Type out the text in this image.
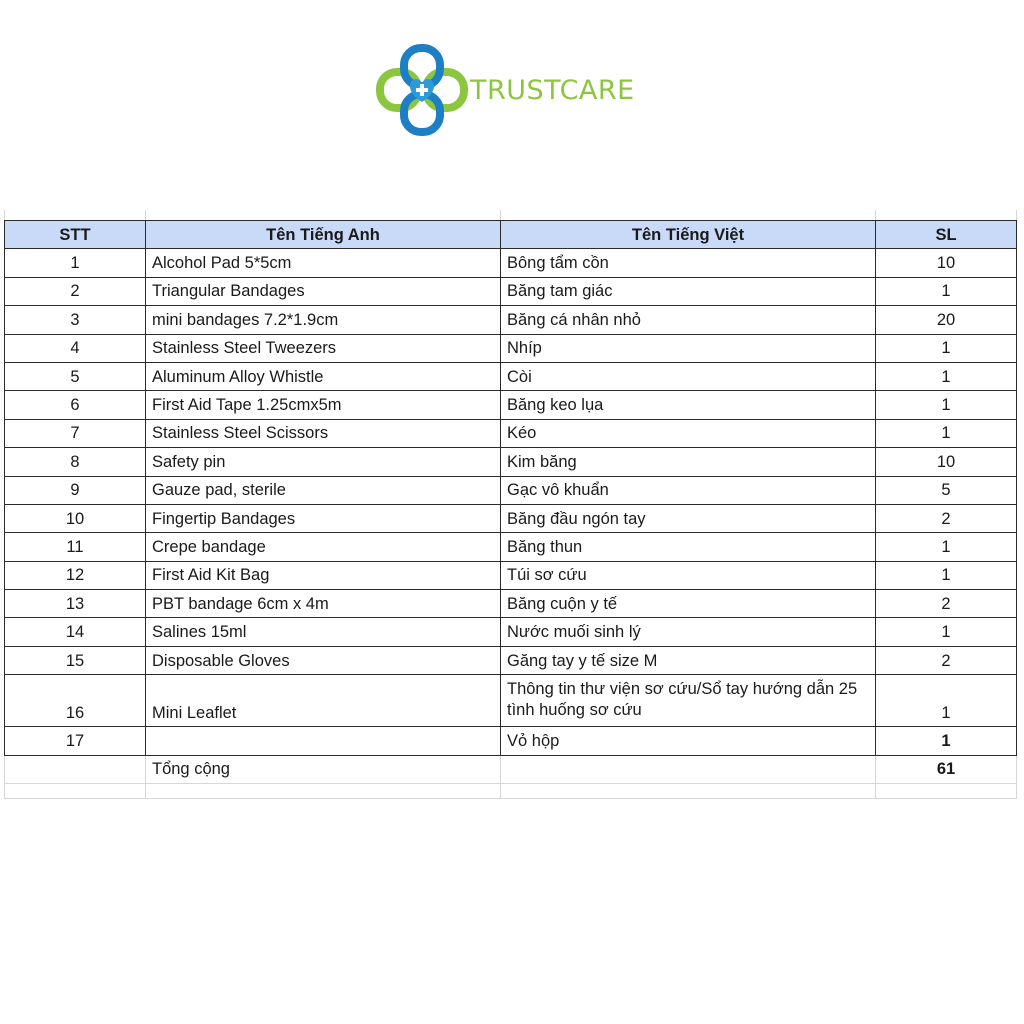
TRUSTCARE
STT	Tên Tiếng Anh	Tên Tiếng Việt	SL
1	Alcohol Pad 5*5cm	Bông tẩm cồn	10
2	Triangular Bandages	Băng tam giác	1
3	mini bandages 7.2*1.9cm	Băng cá nhân nhỏ	20
4	Stainless Steel Tweezers	Nhíp	1
5	Aluminum Alloy Whistle	Còi	1
6	First Aid Tape 1.25cmx5m	Băng keo lụa	1
7	Stainless Steel Scissors	Kéo	1
8	Safety pin	Kim băng	10
9	Gauze pad, sterile	Gạc vô khuẩn	5
10	Fingertip Bandages	Băng đầu ngón tay	2
11	Crepe bandage	Băng thun	1
12	First Aid Kit Bag	Túi sơ cứu	1
13	PBT bandage 6cm x 4m	Băng cuộn y tế	2
14	Salines 15ml	Nước muối sinh lý	1
15	Disposable Gloves	Găng tay y tế size M	2
16	Mini Leaflet	Thông tin thư viện sơ cứu/Sổ tay hướng dẫn 25 tình huống sơ cứu	1
17		Vỏ hộp	1
	Tổng cộng		61
